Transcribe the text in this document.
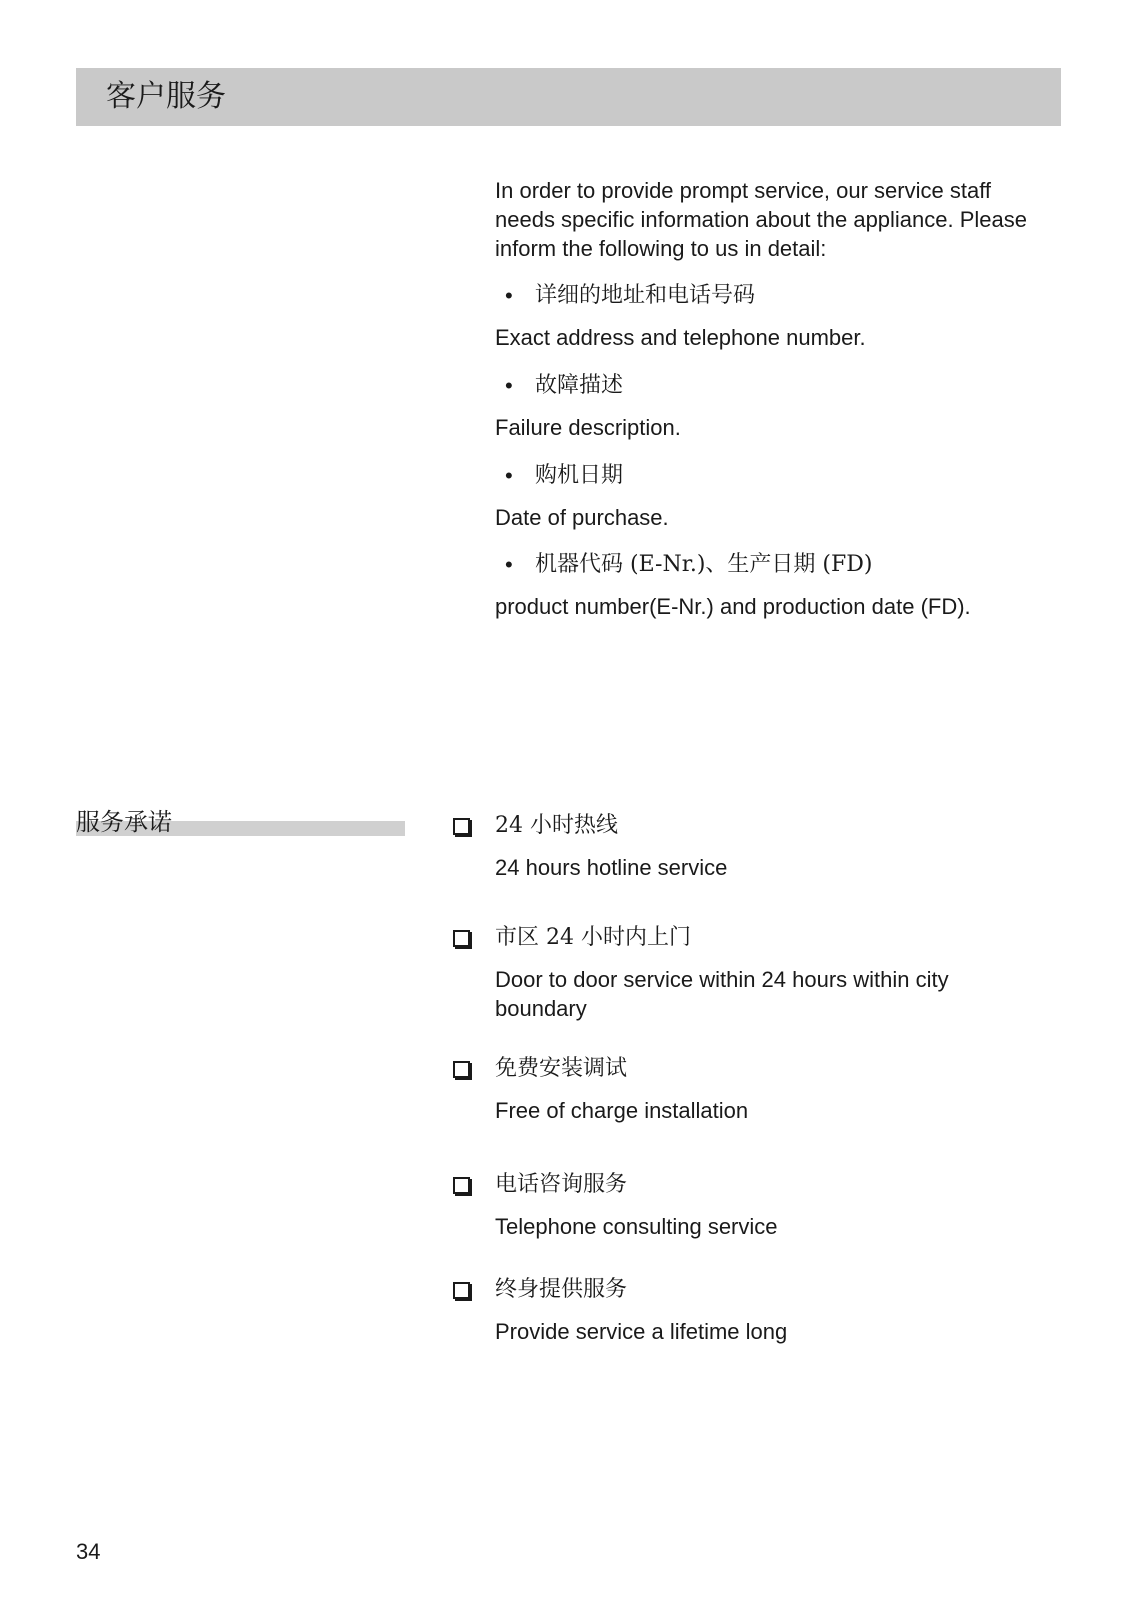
客户服务
In order to provide prompt service, our service staff needs specific information about the appliance. Please inform the following to us in detail:
• 详细的地址和电话号码
Exact address and telephone number.
• 故障描述
Failure description.
• 购机日期
Date of purchase.
• 机器代码 (E-Nr.)、生产日期 (FD)
product number(E-Nr.) and production date (FD).
服务承诺	24 小时热线
24 hours hotline service
市区 24 小时内上门
Door to door service within 24 hours within city boundary
免费安装调试
Free of charge installation
电话咨询服务
Telephone consulting service
终身提供服务
Provide service a lifetime long
34
